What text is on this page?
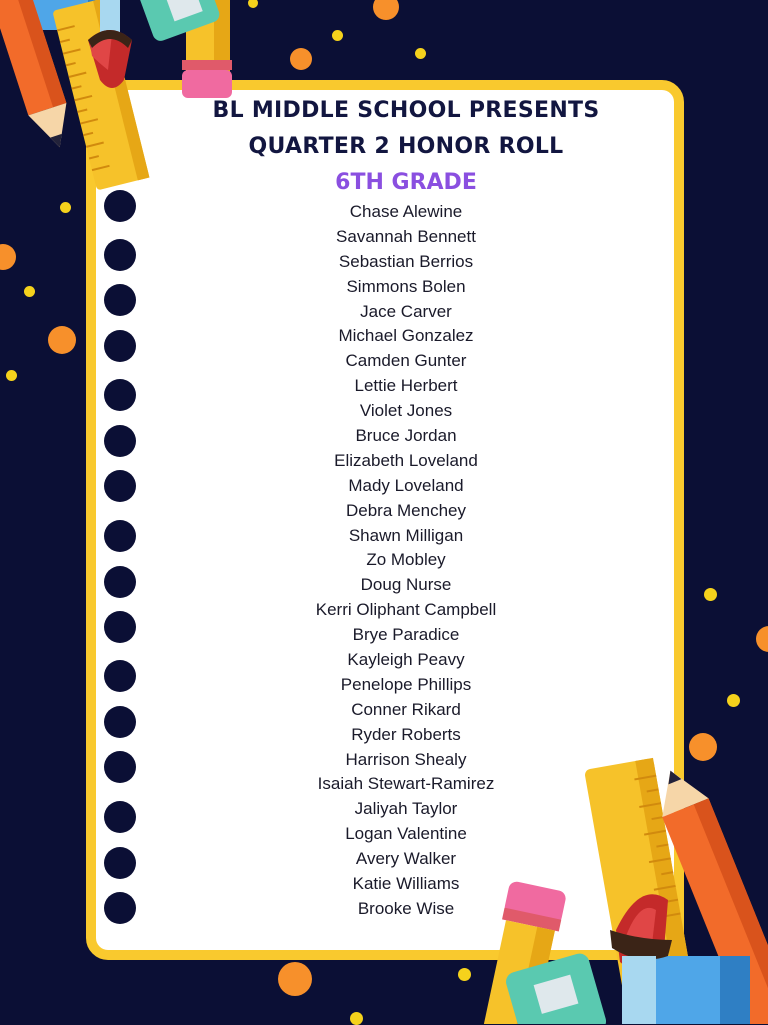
BL MIDDLE SCHOOL PRESENTS
QUARTER 2 HONOR ROLL
6TH GRADE
Chase Alewine
Savannah Bennett
Sebastian Berrios
Simmons Bolen
Jace Carver
Michael Gonzalez
Camden Gunter
Lettie Herbert
Violet Jones
Bruce Jordan
Elizabeth Loveland
Mady Loveland
Debra Menchey
Shawn Milligan
Zo Mobley
Doug Nurse
Kerri Oliphant Campbell
Brye Paradice
Kayleigh Peavy
Penelope Phillips
Conner Rikard
Ryder Roberts
Harrison Shealy
Isaiah Stewart-Ramirez
Jaliyah Taylor
Logan Valentine
Avery Walker
Katie Williams
Brooke Wise
